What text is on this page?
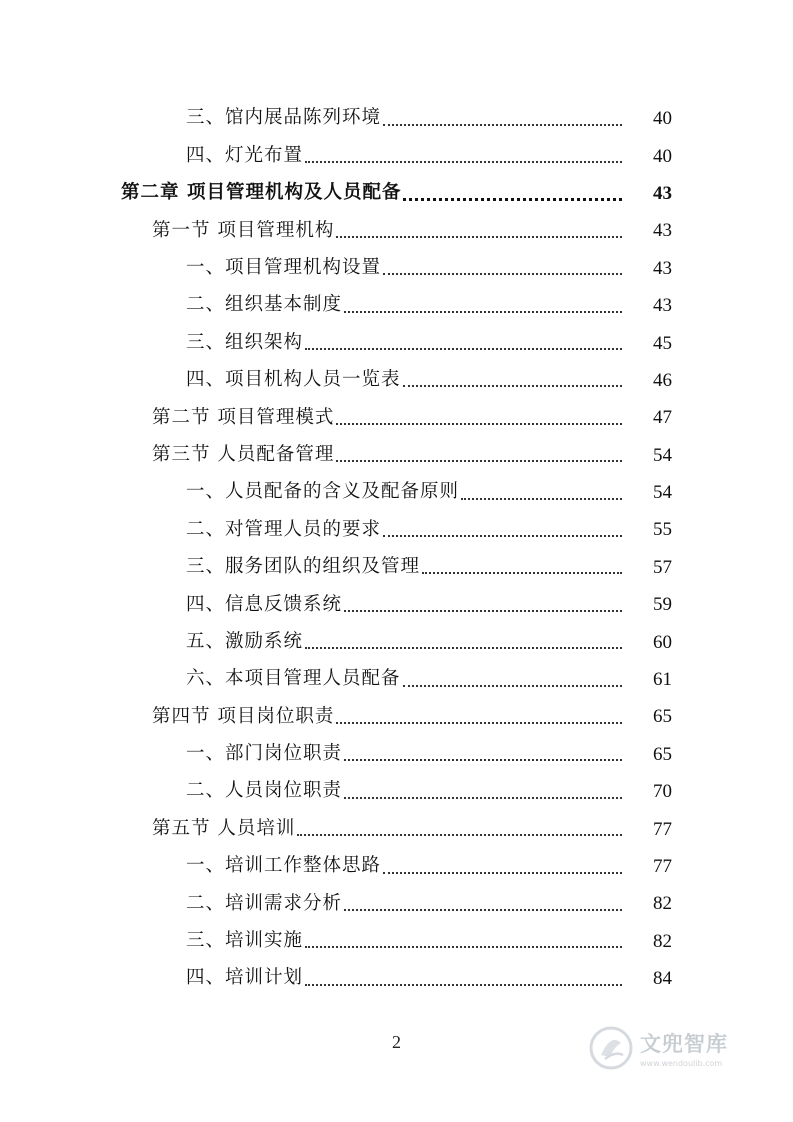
三、馆内展品陈列环境	40
四、灯光布置	40
第二章 项目管理机构及人员配备	43
第一节 项目管理机构	43
一、项目管理机构设置	43
二、组织基本制度	43
三、组织架构	45
四、项目机构人员一览表	46
第二节 项目管理模式	47
第三节 人员配备管理	54
一、人员配备的含义及配备原则	54
二、对管理人员的要求	55
三、服务团队的组织及管理	57
四、信息反馈系统	59
五、激励系统	60
六、本项目管理人员配备	61
第四节 项目岗位职责	65
一、部门岗位职责	65
二、人员岗位职责	70
第五节 人员培训	77
一、培训工作整体思路	77
二、培训需求分析	82
三、培训实施	82
四、培训计划	84
2	文兜智库
www.wendoulib.com
